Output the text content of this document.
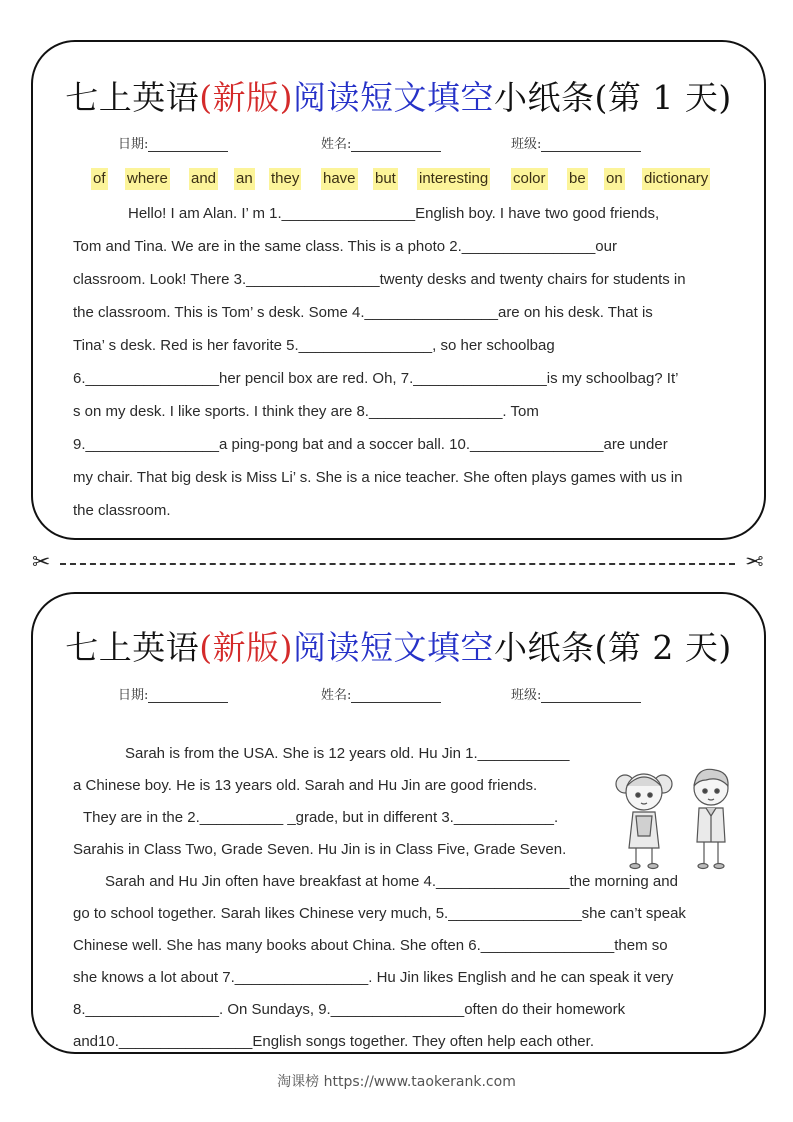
七上英语(新版)阅读短文填空小纸条(第 1 天)
日期:	姓名:	班级:
of where and an they have but interesting color be on dictionary
Hello! I am Alan. I’ m 1.________________English boy. I have two good friends,
Tom and Tina. We are in the same class. This is a photo 2.________________our
classroom. Look! There 3.________________twenty desks and twenty chairs for students in
the classroom. This is Tom’ s desk. Some 4.________________are on his desk. That is
Tina’ s desk. Red is her favorite 5.________________, so her schoolbag
6.________________her pencil box are red. Oh, 7.________________is my schoolbag? It’
s on my desk. I like sports. I think they are 8.________________. Tom
9.________________a ping-pong bat and a soccer ball. 10.________________are under
my chair. That big desk is Miss Li’ s. She is a nice teacher. She often plays games with us in
the classroom.
✂	✂
七上英语(新版)阅读短文填空小纸条(第 2 天)
日期:	姓名:	班级:
Sarah is from the USA. She is 12 years old. Hu Jin 1.___________
a Chinese boy. He is 13 years old. Sarah and Hu Jin are good friends.
They are in the 2.__________ _grade, but in different 3.____________.
Sarahis in Class Two, Grade Seven. Hu Jin is in Class Five, Grade Seven.
Sarah and Hu Jin often have breakfast at home 4.________________the morning and
go to school together. Sarah likes Chinese very much, 5.________________she can’t speak
Chinese well. She has many books about China. She often 6.________________them so
she knows a lot about 7.________________. Hu Jin likes English and he can speak it very
8.________________. On Sundays, 9.________________often do their homework
and10.________________English songs together. They often help each other.
淘课榜 https://www.taokerank.com
